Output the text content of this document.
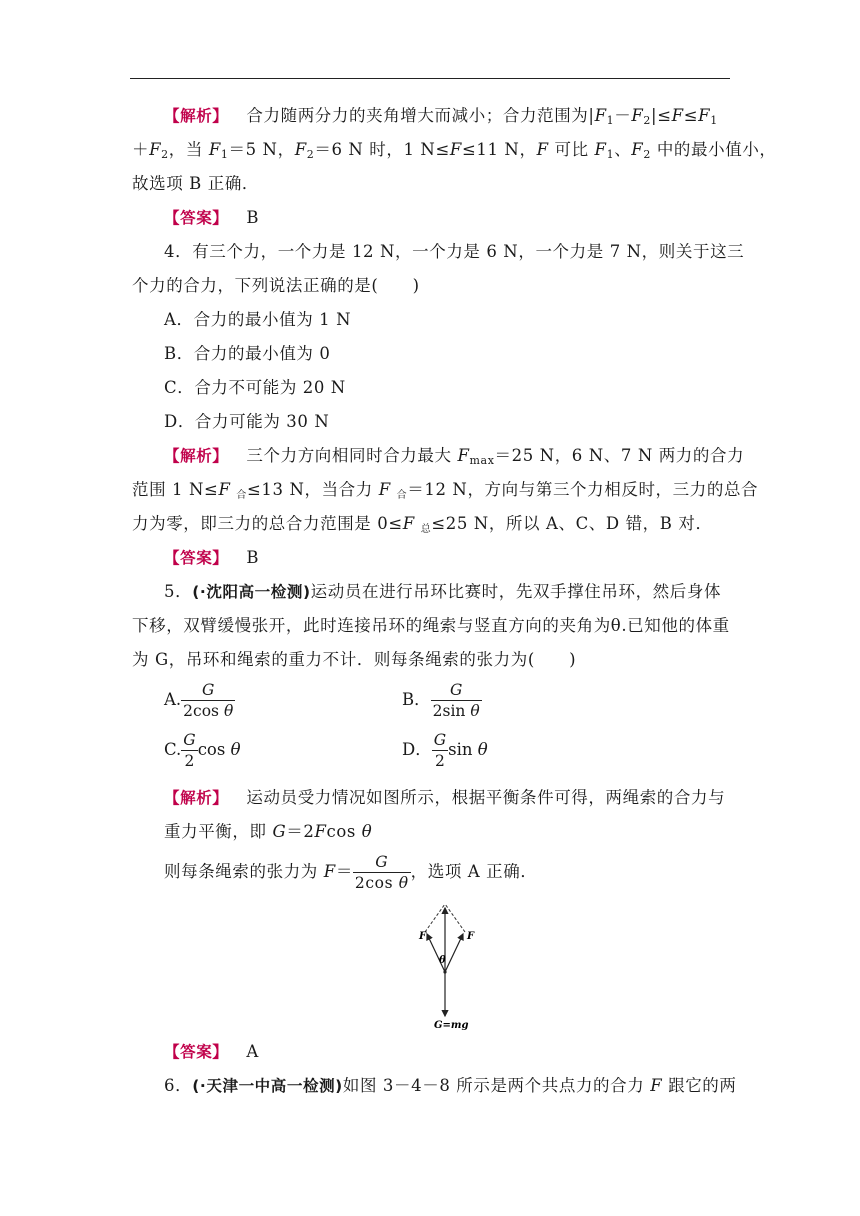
【解析】 合力随两分力的夹角增大而减小；合力范围为$|F_1-F_2|\le F\le F_1$
$+F_2$，当 $F_1=5$ N，$F_2=6$ N 时，1 N≤F≤11 N，F 可比 $F_1$、$F_2$ 中的最小值小，
故选项 B 正确．
【答案】 B
4．有三个力，一个力是 12 N，一个力是 6 N，一个力是 7 N，则关于这三
个力的合力，下列说法正确的是(　　)
A．合力的最小值为 1 N
B．合力的最小值为 0
C．合力不可能为 20 N
D．合力可能为 30 N
【解析】 三个力方向相同时合力最大 $F_{max}=25$ N，6 N、7 N 两力的合力
范围 1 N≤F 合≤13 N，当合力 F 合＝12 N，方向与第三个力相反时，三力的总合
力为零，即三力的总合力范围是 0≤F 总≤25 N，所以 A、C、D 错，B 对．
【答案】 B
5．(·沈阳高一检测)运动员在进行吊环比赛时，先双手撑住吊环，然后身体
下移，双臂缓慢张开，此时连接吊环的绳索与竖直方向的夹角为θ.已知他的体重
为 G，吊环和绳索的重力不计．则每条绳索的张力为(　　)
A. $\frac{G}{\text{2cos θ}}$	B． $\frac{G}{\text{2sin θ}}$
C. $\frac{G}{2}$ cos θ	D． $\frac{G}{2}$ sin θ
【解析】 运动员受力情况如图所示，根据平衡条件可得，两绳索的合力与
重力平衡，即 G＝2Fcos θ
则每条绳索的张力为 $F= \frac{G}{\text{2cos θ}}$ ，选项 A 正确．
F	F
θ
G=mg
【答案】 A
6．(·天津一中高一检测)如图 3－4－8 所示是两个共点力的合力 F 跟它的两
